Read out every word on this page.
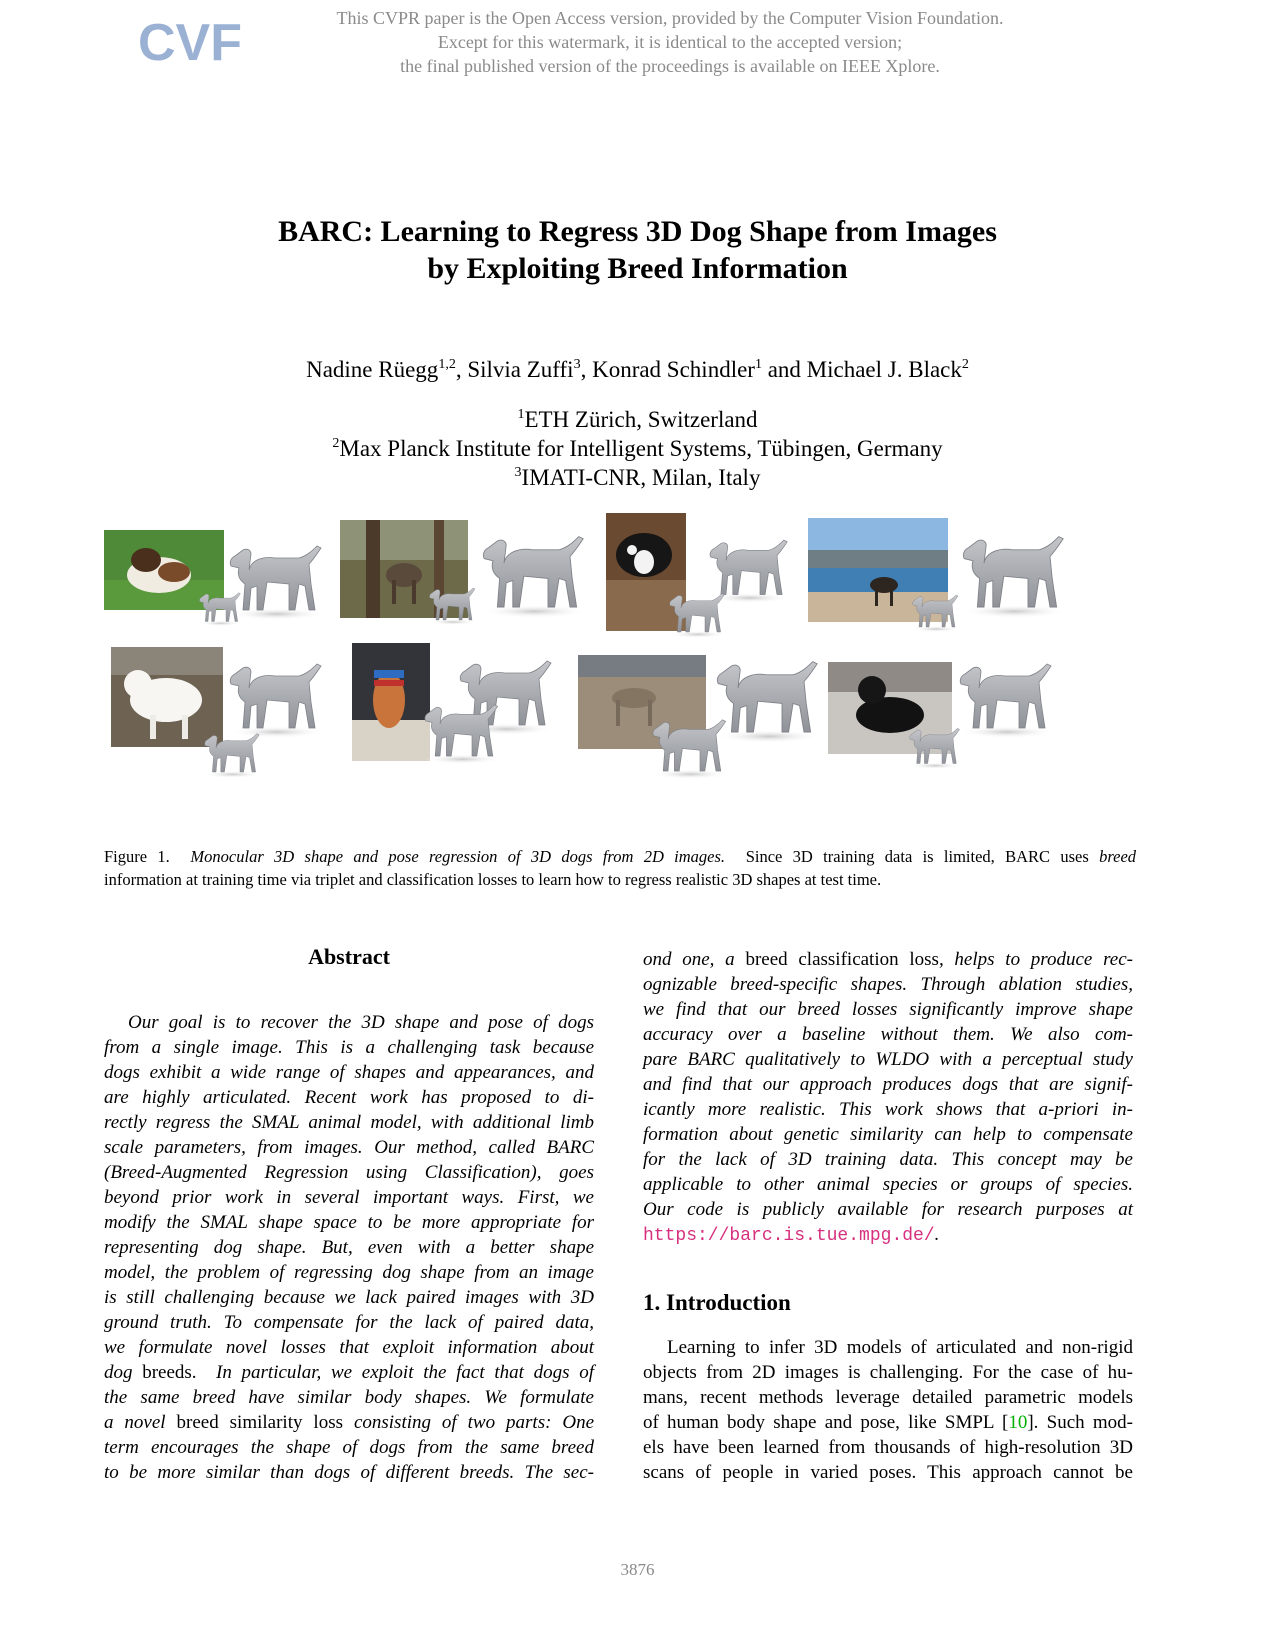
CVF	This CVPR paper is the Open Access version, provided by the Computer Vision Foundation.
Except for this watermark, it is identical to the accepted version;
the final published version of the proceedings is available on IEEE Xplore.
BARC: Learning to Regress 3D Dog Shape from Images
by Exploiting Breed Information
Nadine Rüegg$^{1,2}$, Silvia Zuffi$^3$, Konrad Schindler$^1$ and Michael J. Black$^2$
$^1$ETH Zürich, Switzerland
$^2$Max Planck Institute for Intelligent Systems, Tübingen, Germany
$^3$IMATI-CNR, Milan, Italy
Figure 1. Monocular 3D shape and pose regression of 3D dogs from 2D images. Since 3D training data is limited, BARC uses breed
information at training time via triplet and classification losses to learn how to regress realistic 3D shapes at test time.
Abstract
Our goal is to recover the 3D shape and pose of dogs
from a single image. This is a challenging task because
dogs exhibit a wide range of shapes and appearances, and
are highly articulated. Recent work has proposed to di-
rectly regress the SMAL animal model, with additional limb
scale parameters, from images. Our method, called BARC
(Breed-Augmented Regression using Classification), goes
beyond prior work in several important ways. First, we
modify the SMAL shape space to be more appropriate for
representing dog shape. But, even with a better shape
model, the problem of regressing dog shape from an image
is still challenging because we lack paired images with 3D
ground truth. To compensate for the lack of paired data,
we formulate novel losses that exploit information about
dog breeds. In particular, we exploit the fact that dogs of
the same breed have similar body shapes. We formulate
a novel breed similarity loss consisting of two parts: One
term encourages the shape of dogs from the same breed
to be more similar than dogs of different breeds. The sec-
ond one, a breed classification loss, helps to produce rec-
ognizable breed-specific shapes. Through ablation studies,
we find that our breed losses significantly improve shape
accuracy over a baseline without them. We also com-
pare BARC qualitatively to WLDO with a perceptual study
and find that our approach produces dogs that are signif-
icantly more realistic. This work shows that a-priori in-
formation about genetic similarity can help to compensate
for the lack of 3D training data. This concept may be
applicable to other animal species or groups of species.
Our code is publicly available for research purposes at
https://barc.is.tue.mpg.de/.
1. Introduction
Learning to infer 3D models of articulated and non-rigid
objects from 2D images is challenging. For the case of hu-
mans, recent methods leverage detailed parametric models
of human body shape and pose, like SMPL [10]. Such mod-
els have been learned from thousands of high-resolution 3D
scans of people in varied poses. This approach cannot be
3876
